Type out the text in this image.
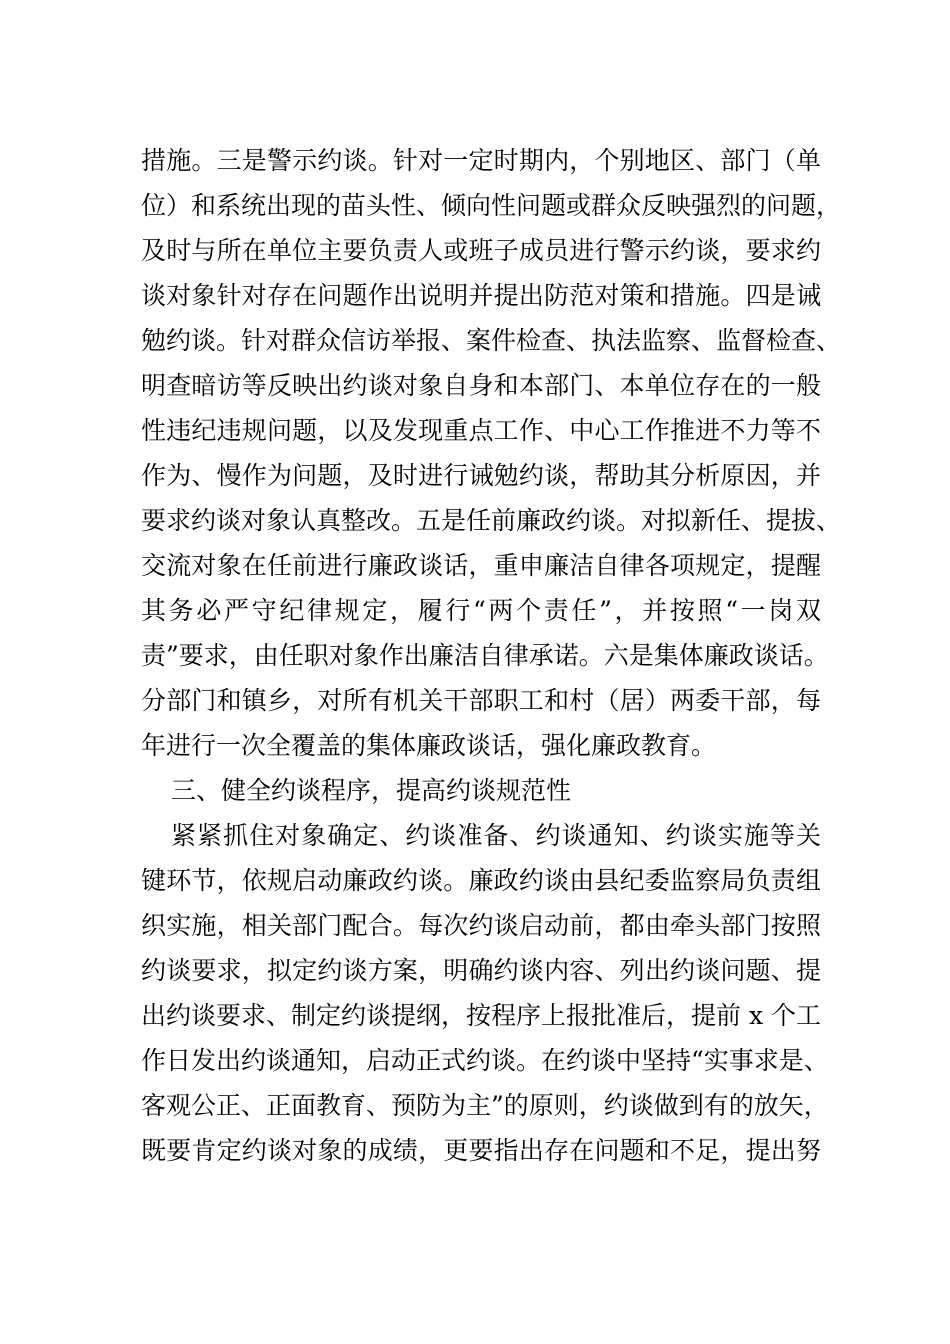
措施。三是警示约谈。针对一定时期内，个别地区、部门（单
位）和系统出现的苗头性、倾向性问题或群众反映强烈的问题，
及时与所在单位主要负责人或班子成员进行警示约谈，要求约
谈对象针对存在问题作出说明并提出防范对策和措施。四是诫
勉约谈。针对群众信访举报、案件检查、执法监察、监督检查、
明查暗访等反映出约谈对象自身和本部门、本单位存在的一般
性违纪违规问题，以及发现重点工作、中心工作推进不力等不
作为、慢作为问题，及时进行诫勉约谈，帮助其分析原因，并
要求约谈对象认真整改。五是任前廉政约谈。对拟新任、提拔、
交流对象在任前进行廉政谈话，重申廉洁自律各项规定，提醒
其务必严守纪律规定，履行“两个责任”，并按照“一岗双
责”要求，由任职对象作出廉洁自律承诺。六是集体廉政谈话。
分部门和镇乡，对所有机关干部职工和村（居）两委干部，每
年进行一次全覆盖的集体廉政谈话，强化廉政教育。
三、健全约谈程序，提高约谈规范性
紧紧抓住对象确定、约谈准备、约谈通知、约谈实施等关
键环节，依规启动廉政约谈。廉政约谈由县纪委监察局负责组
织实施，相关部门配合。每次约谈启动前，都由牵头部门按照
约谈要求，拟定约谈方案，明确约谈内容、列出约谈问题、提
出约谈要求、制定约谈提纲，按程序上报批准后，提前 x 个工
作日发出约谈通知，启动正式约谈。在约谈中坚持“实事求是、
客观公正、正面教育、预防为主”的原则，约谈做到有的放矢，
既要肯定约谈对象的成绩，更要指出存在问题和不足，提出努
